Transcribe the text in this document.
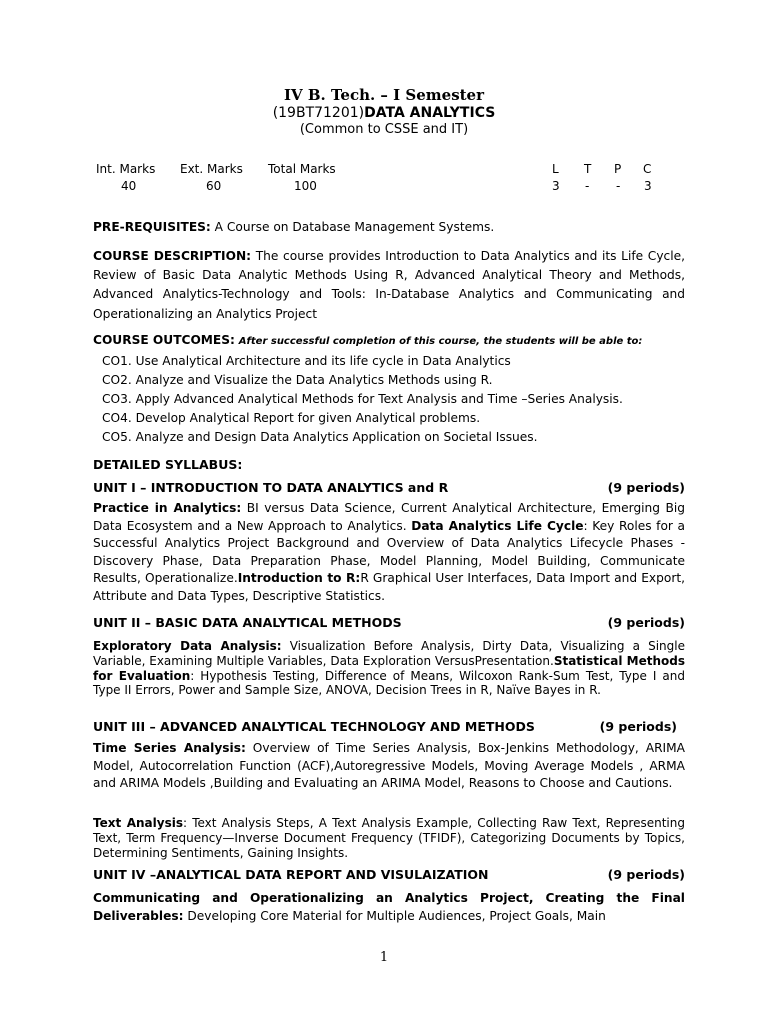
IV B. Tech. – I Semester
(19BT71201)DATA ANALYTICS
(Common to CSSE and IT)
Int. Marks Ext. Marks Total Marks	L T P C
40	60	100	3 - - 3
PRE-REQUISITES: A Course on Database Management Systems.
COURSE DESCRIPTION: The course provides Introduction to Data Analytics and its Life Cycle, Review of Basic Data Analytic Methods Using R, Advanced Analytical Theory and Methods, Advanced Analytics-Technology and Tools: In-Database Analytics and Communicating and Operationalizing an Analytics Project
COURSE OUTCOMES: After successful completion of this course, the students will be able to:
CO1. Use Analytical Architecture and its life cycle in Data Analytics
CO2. Analyze and Visualize the Data Analytics Methods using R.
CO3. Apply Advanced Analytical Methods for Text Analysis and Time –Series Analysis.
CO4. Develop Analytical Report for given Analytical problems.
CO5. Analyze and Design Data Analytics Application on Societal Issues.
DETAILED SYLLABUS:
UNIT I – INTRODUCTION TO DATA ANALYTICS and R	(9 periods)
Practice in Analytics: BI versus Data Science, Current Analytical Architecture, Emerging Big Data Ecosystem and a New Approach to Analytics. Data Analytics Life Cycle: Key Roles for a Successful Analytics Project Background and Overview of Data Analytics Lifecycle Phases - Discovery Phase, Data Preparation Phase, Model Planning, Model Building, Communicate Results, Operationalize.Introduction to R:R Graphical User Interfaces, Data Import and Export, Attribute and Data Types, Descriptive Statistics.
UNIT II – BASIC DATA ANALYTICAL METHODS	(9 periods)
Exploratory Data Analysis: Visualization Before Analysis, Dirty Data, Visualizing a Single Variable, Examining Multiple Variables, Data Exploration VersusPresentation.Statistical Methods for Evaluation: Hypothesis Testing, Difference of Means, Wilcoxon Rank-Sum Test, Type I and Type II Errors, Power and Sample Size, ANOVA, Decision Trees in R, Naïve Bayes in R.
UNIT III – ADVANCED ANALYTICAL TECHNOLOGY AND METHODS	(9 periods)
Time Series Analysis: Overview of Time Series Analysis, Box-Jenkins Methodology, ARIMA Model, Autocorrelation Function (ACF),Autoregressive Models, Moving Average Models , ARMA and ARIMA Models ,Building and Evaluating an ARIMA Model, Reasons to Choose and Cautions.
Text Analysis: Text Analysis Steps, A Text Analysis Example, Collecting Raw Text, Representing Text, Term Frequency—Inverse Document Frequency (TFIDF), Categorizing Documents by Topics, Determining Sentiments, Gaining Insights.
UNIT IV –ANALYTICAL DATA REPORT AND VISULAIZATION	(9 periods)
Communicating and Operationalizing an Analytics Project, Creating the Final Deliverables: Developing Core Material for Multiple Audiences, Project Goals, Main
1
